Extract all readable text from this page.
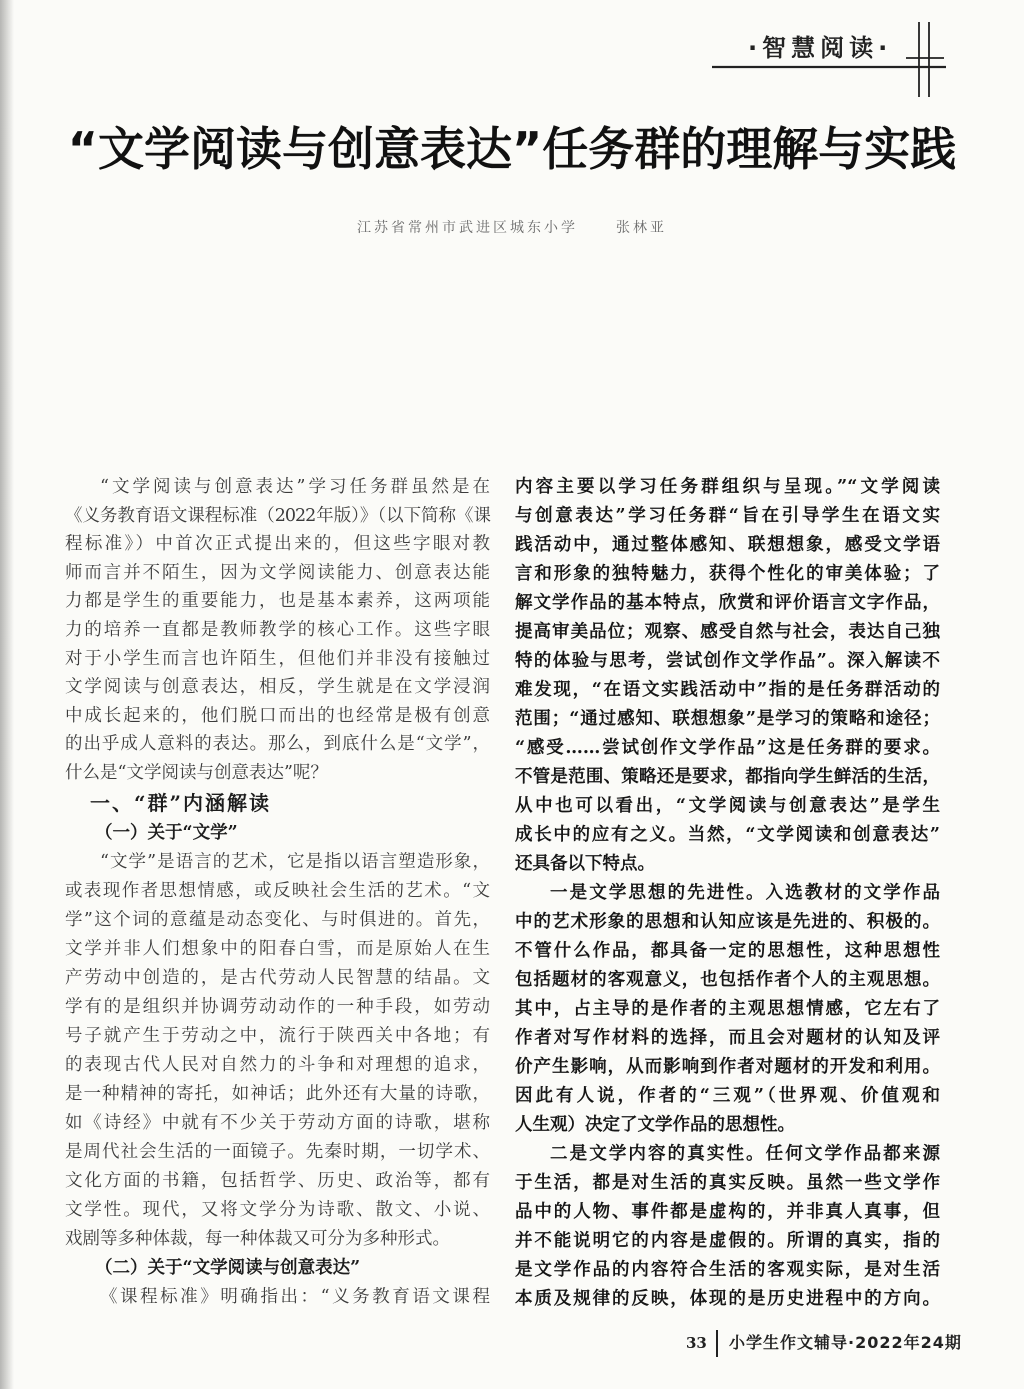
·智慧阅读·
“文学阅读与创意表达”任务群的理解与实践
江苏省常州市武进区城东小学	张林亚
“文学阅读与创意表达”学习任务群虽然是在
《义务教育语文课程标准（2022年版）》（以下简称《课
程标准》）中首次正式提出来的，但这些字眼对教
师而言并不陌生，因为文学阅读能力、创意表达能
力都是学生的重要能力，也是基本素养，这两项能
力的培养一直都是教师教学的核心工作。这些字眼
对于小学生而言也许陌生，但他们并非没有接触过
文学阅读与创意表达，相反，学生就是在文学浸润
中成长起来的，他们脱口而出的也经常是极有创意
的出乎成人意料的表达。那么，到底什么是“文学”，
什么是“文学阅读与创意表达”呢？
一、“群”内涵解读
（一）关于“文学”
“文学”是语言的艺术，它是指以语言塑造形象，
或表现作者思想情感，或反映社会生活的艺术。“文
学”这个词的意蕴是动态变化、与时俱进的。首先，
文学并非人们想象中的阳春白雪，而是原始人在生
产劳动中创造的，是古代劳动人民智慧的结晶。文
学有的是组织并协调劳动动作的一种手段，如劳动
号子就产生于劳动之中，流行于陕西关中各地；有
的表现古代人民对自然力的斗争和对理想的追求，
是一种精神的寄托，如神话；此外还有大量的诗歌，
如《诗经》中就有不少关于劳动方面的诗歌，堪称
是周代社会生活的一面镜子。先秦时期，一切学术、
文化方面的书籍，包括哲学、历史、政治等，都有
文学性。现代，又将文学分为诗歌、散文、小说、
戏剧等多种体裁，每一种体裁又可分为多种形式。
（二）关于“文学阅读与创意表达”
《课程标准》明确指出：“义务教育语文课程
内容主要以学习任务群组织与呈现。”“文学阅读
与创意表达”学习任务群“旨在引导学生在语文实
践活动中，通过整体感知、联想想象，感受文学语
言和形象的独特魅力，获得个性化的审美体验；了
解文学作品的基本特点，欣赏和评价语言文字作品，
提高审美品位；观察、感受自然与社会，表达自己独
特的体验与思考，尝试创作文学作品”。深入解读不
难发现，“在语文实践活动中”指的是任务群活动的
范围；“通过感知、联想想象”是学习的策略和途径；
“感受……尝试创作文学作品”这是任务群的要求。
不管是范围、策略还是要求，都指向学生鲜活的生活，
从中也可以看出，“文学阅读与创意表达”是学生
成长中的应有之义。当然，“文学阅读和创意表达”
还具备以下特点。
一是文学思想的先进性。入选教材的文学作品
中的艺术形象的思想和认知应该是先进的、积极的。
不管什么作品，都具备一定的思想性，这种思想性
包括题材的客观意义，也包括作者个人的主观思想。
其中，占主导的是作者的主观思想情感，它左右了
作者对写作材料的选择，而且会对题材的认知及评
价产生影响，从而影响到作者对题材的开发和利用。
因此有人说，作者的“三观”（世界观、价值观和
人生观）决定了文学作品的思想性。
二是文学内容的真实性。任何文学作品都来源
于生活，都是对生活的真实反映。虽然一些文学作
品中的人物、事件都是虚构的，并非真人真事，但
并不能说明它的内容是虚假的。所谓的真实，指的
是文学作品的内容符合生活的客观实际，是对生活
本质及规律的反映，体现的是历史进程中的方向。
33 小学生作文辅导·2022年24期
